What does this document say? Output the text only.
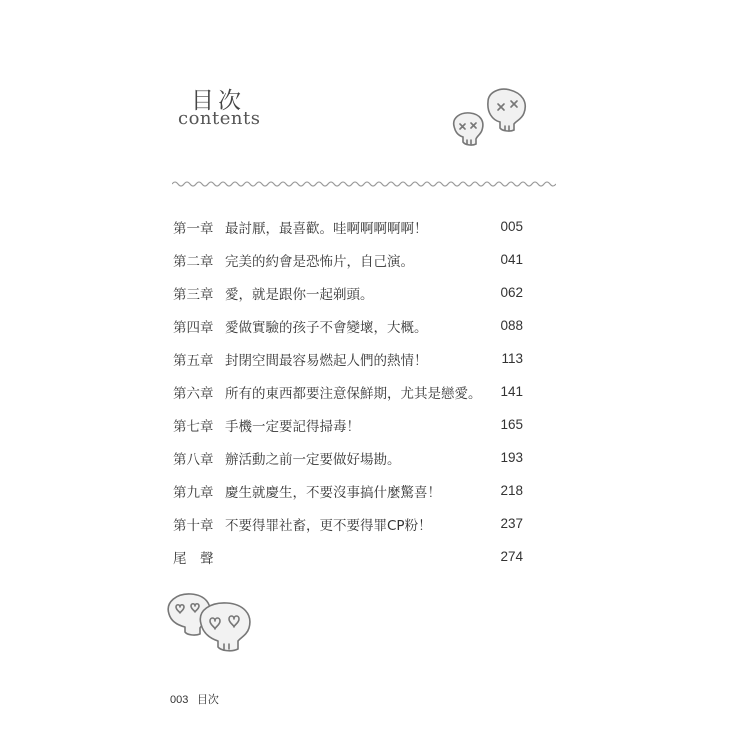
目次
contents
第一章 最討厭，最喜歡。哇啊啊啊啊啊！	005
第二章 完美的約會是恐怖片，自己演。	041
第三章 愛，就是跟你一起剃頭。	062
第四章 愛做實驗的孩子不會變壞，大概。	088
第五章 封閉空間最容易燃起人們的熱情！	113
第六章 所有的東西都要注意保鮮期，尤其是戀愛。	141
第七章 手機一定要記得掃毒！	165
第八章 辦活動之前一定要做好場勘。	193
第九章 慶生就慶生，不要沒事搞什麼驚喜！	218
第十章 不要得罪社畜，更不要得罪CP粉！	237
尾　聲	274
003 目次
